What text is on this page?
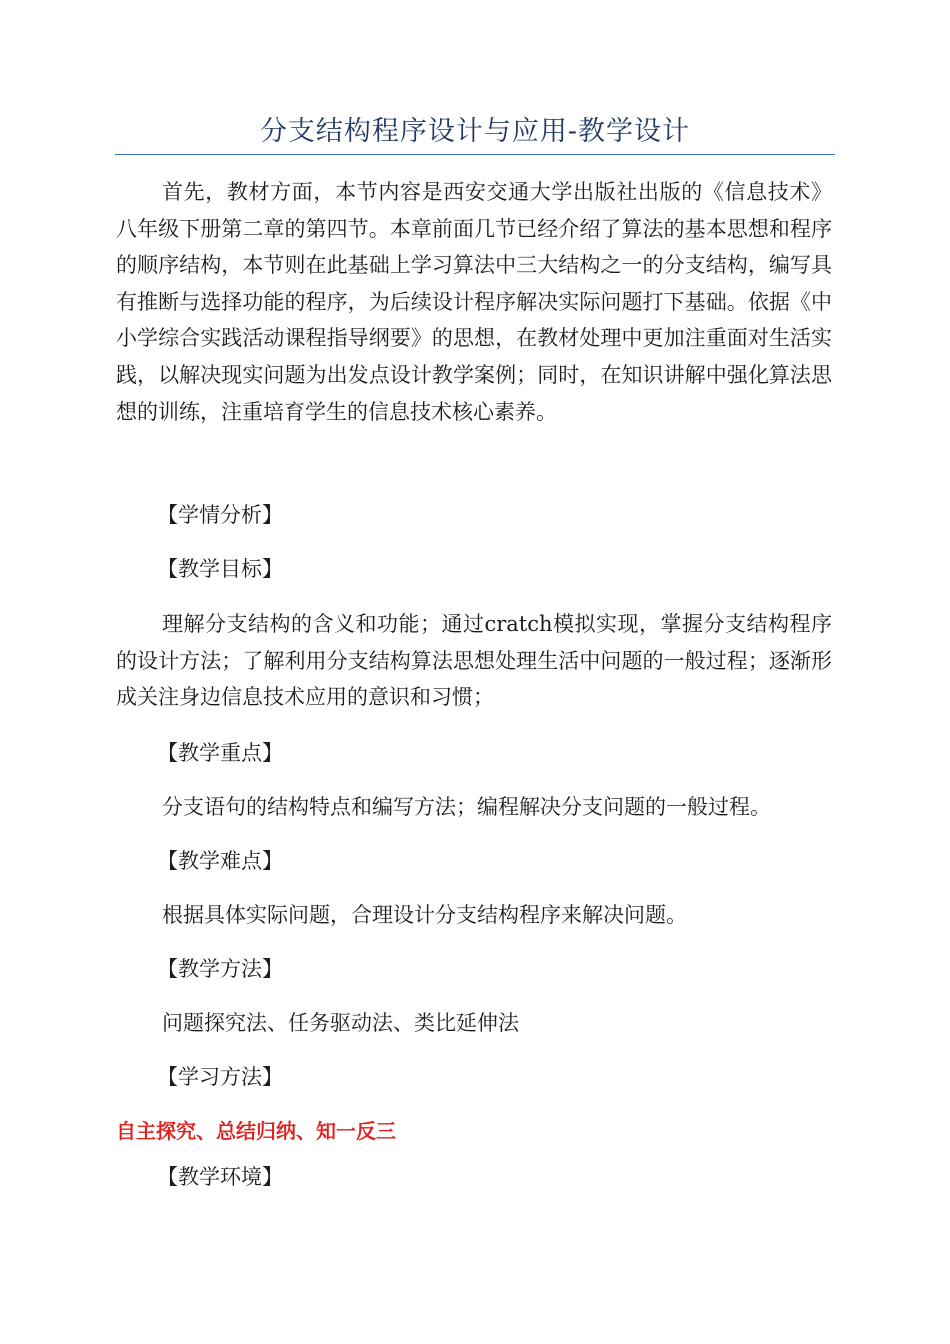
分支结构程序设计与应用-教学设计

首先，教材方面，本节内容是西安交通大学出版社出版的《信息技术》八年级下册第二章的第四节。本章前面几节已经介绍了算法的基本思想和程序的顺序结构，本节则在此基础上学习算法中三大结构之一的分支结构，编写具有推断与选择功能的程序，为后续设计程序解决实际问题打下基础。依据《中小学综合实践活动课程指导纲要》的思想，在教材处理中更加注重面对生活实践，以解决现实问题为出发点设计教学案例；同时，在知识讲解中强化算法思想的训练，注重培育学生的信息技术核心素养。

【学情分析】

【教学目标】

理解分支结构的含义和功能；通过cratch模拟实现，掌握分支结构程序的设计方法；了解利用分支结构算法思想处理生活中问题的一般过程；逐渐形成关注身边信息技术应用的意识和习惯；

【教学重点】

分支语句的结构特点和编写方法；编程解决分支问题的一般过程。

【教学难点】

根据具体实际问题，合理设计分支结构程序来解决问题。

【教学方法】

问题探究法、任务驱动法、类比延伸法

【学习方法】

自主探究、总结归纳、知一反三

【教学环境】
